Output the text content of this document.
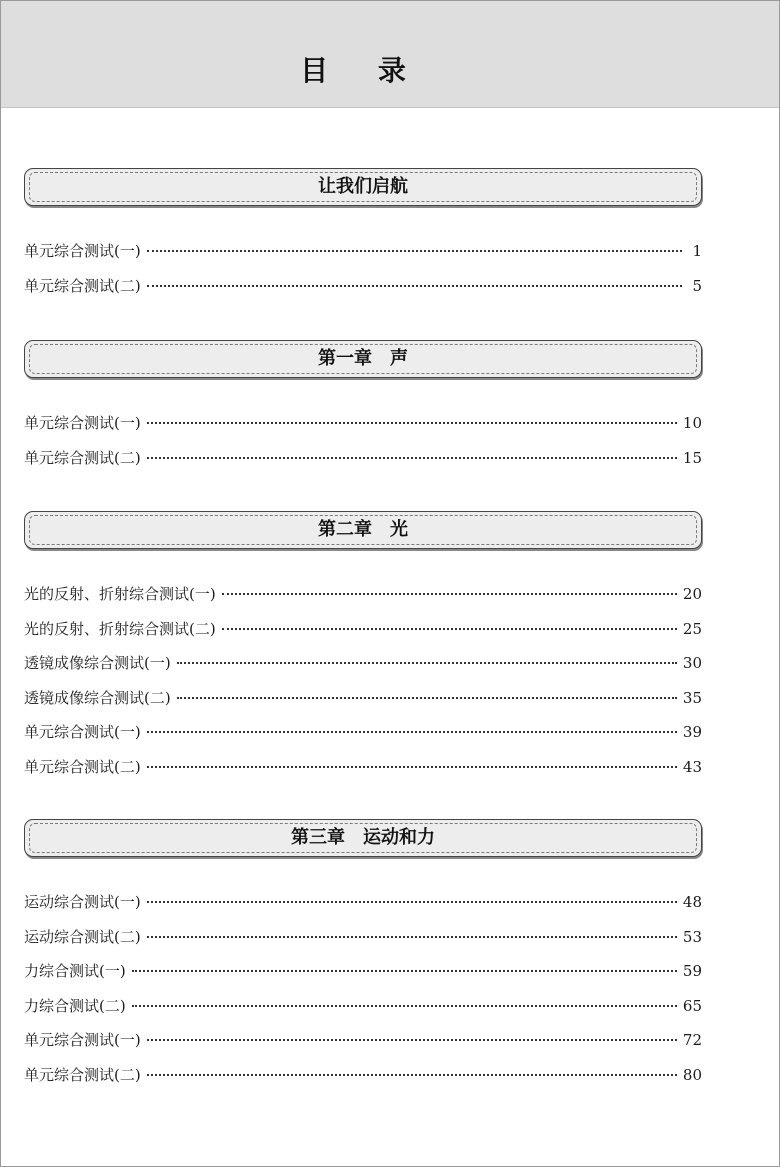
目 录
让我们启航
单元综合测试(一)	1
单元综合测试(二)	5
第一章　声
单元综合测试(一)	10
单元综合测试(二)	15
第二章　光
光的反射、折射综合测试(一)	20
光的反射、折射综合测试(二)	25
透镜成像综合测试(一)	30
透镜成像综合测试(二)	35
单元综合测试(一)	39
单元综合测试(二)	43
第三章　运动和力
运动综合测试(一)	48
运动综合测试(二)	53
力综合测试(一)	59
力综合测试(二)	65
单元综合测试(一)	72
单元综合测试(二)	80
